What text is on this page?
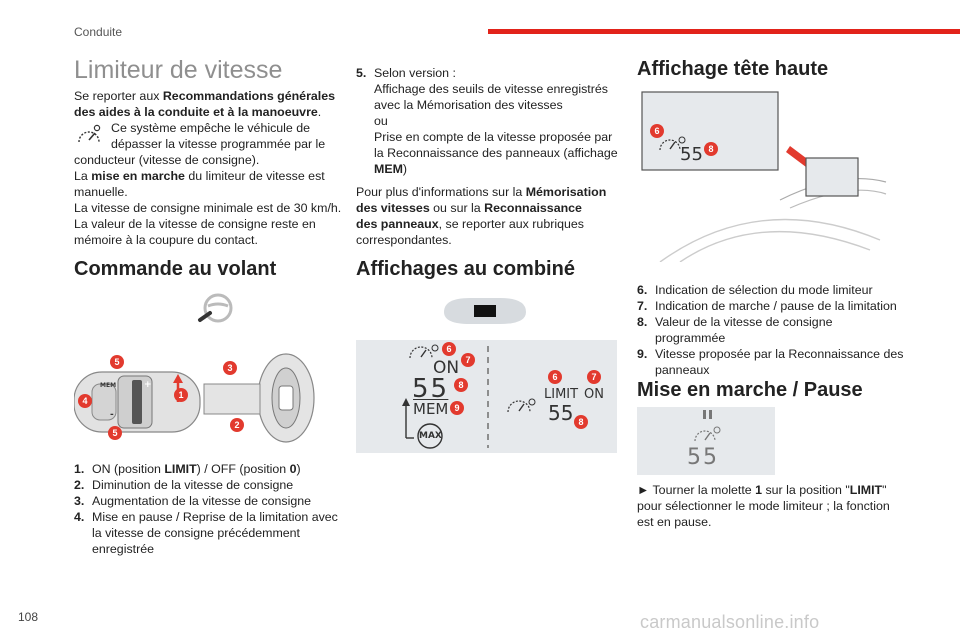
Conduite
108	carmanualsonline.info
Limiteur de vitesse

Se reporter aux Recommandations générales

des aides à la conduite et à la manoeuvre.

Ce système empêche le véhicule de

dépasser la vitesse programmée par le

conducteur (vitesse de consigne).

La mise en marche du limiteur de vitesse est

manuelle.

La vitesse de consigne minimale est de 30 km/h.

La valeur de la vitesse de consigne reste en

mémoire à la coupure du contact.

Commande au volant
MEM
-
+
5
4
5
1
3
2
1. ON (position LIMIT) / OFF (position 0)
2. Diminution de la vitesse de consigne
3. Augmentation de la vitesse de consigne
4. Mise en pause / Reprise de la limitation avec la vitesse de consigne précédemment enregistrée
5. Selon version :
Affichage des seuils de vitesse enregistrés
avec la Mémorisation des vitesses
ou
Prise en compte de la vitesse proposée par
la Reconnaissance des panneaux (affichage
MEM)

Pour plus d'informations sur la Mémorisation

des vitesses ou sur la Reconnaissance

des panneaux, se reporter aux rubriques

correspondantes.

Affichages au combiné
ON
55
$\overline{MEM}$
MAX
LIMIT ON
55
6
7
8
9
6	7
8
Affichage tête haute
55
6
8
6. Indication de sélection du mode limiteur
7. Indication de marche / pause de la limitation
8. Valeur de la vitesse de consigne programmée
9. Vitesse proposée par la Reconnaissance des panneaux
Mise en marche / Pause
55

► Tourner la molette 1 sur la position "LIMIT"

pour sélectionner le mode limiteur ; la fonction

est en pause.
